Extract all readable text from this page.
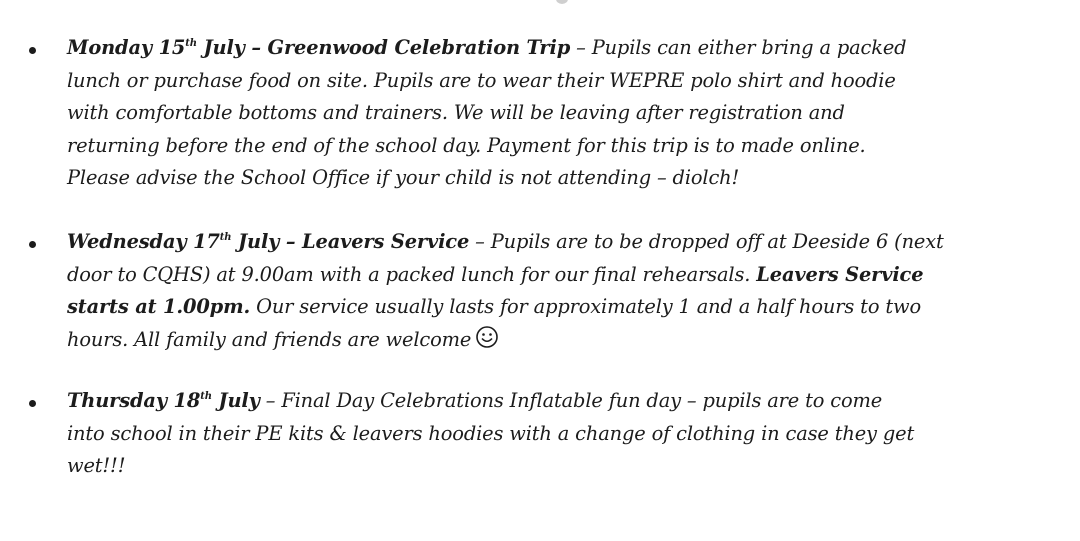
Monday 15th July – Greenwood Celebration Trip – Pupils can either bring a packed
lunch or purchase food on site. Pupils are to wear their WEPRE polo shirt and hoodie
with comfortable bottoms and trainers. We will be leaving after registration and
returning before the end of the school day. Payment for this trip is to made online.
Please advise the School Office if your child is not attending – diolch!

Wednesday 17th July – Leavers Service – Pupils are to be dropped off at Deeside 6 (next
door to CQHS) at 9.00am with a packed lunch for our final rehearsals. Leavers Service
starts at 1.00pm. Our service usually lasts for approximately 1 and a half hours to two
hours. All family and friends are welcome

Thursday 18th July – Final Day Celebrations Inflatable fun day – pupils are to come
into school in their PE kits & leavers hoodies with a change of clothing in case they get
wet!!!
